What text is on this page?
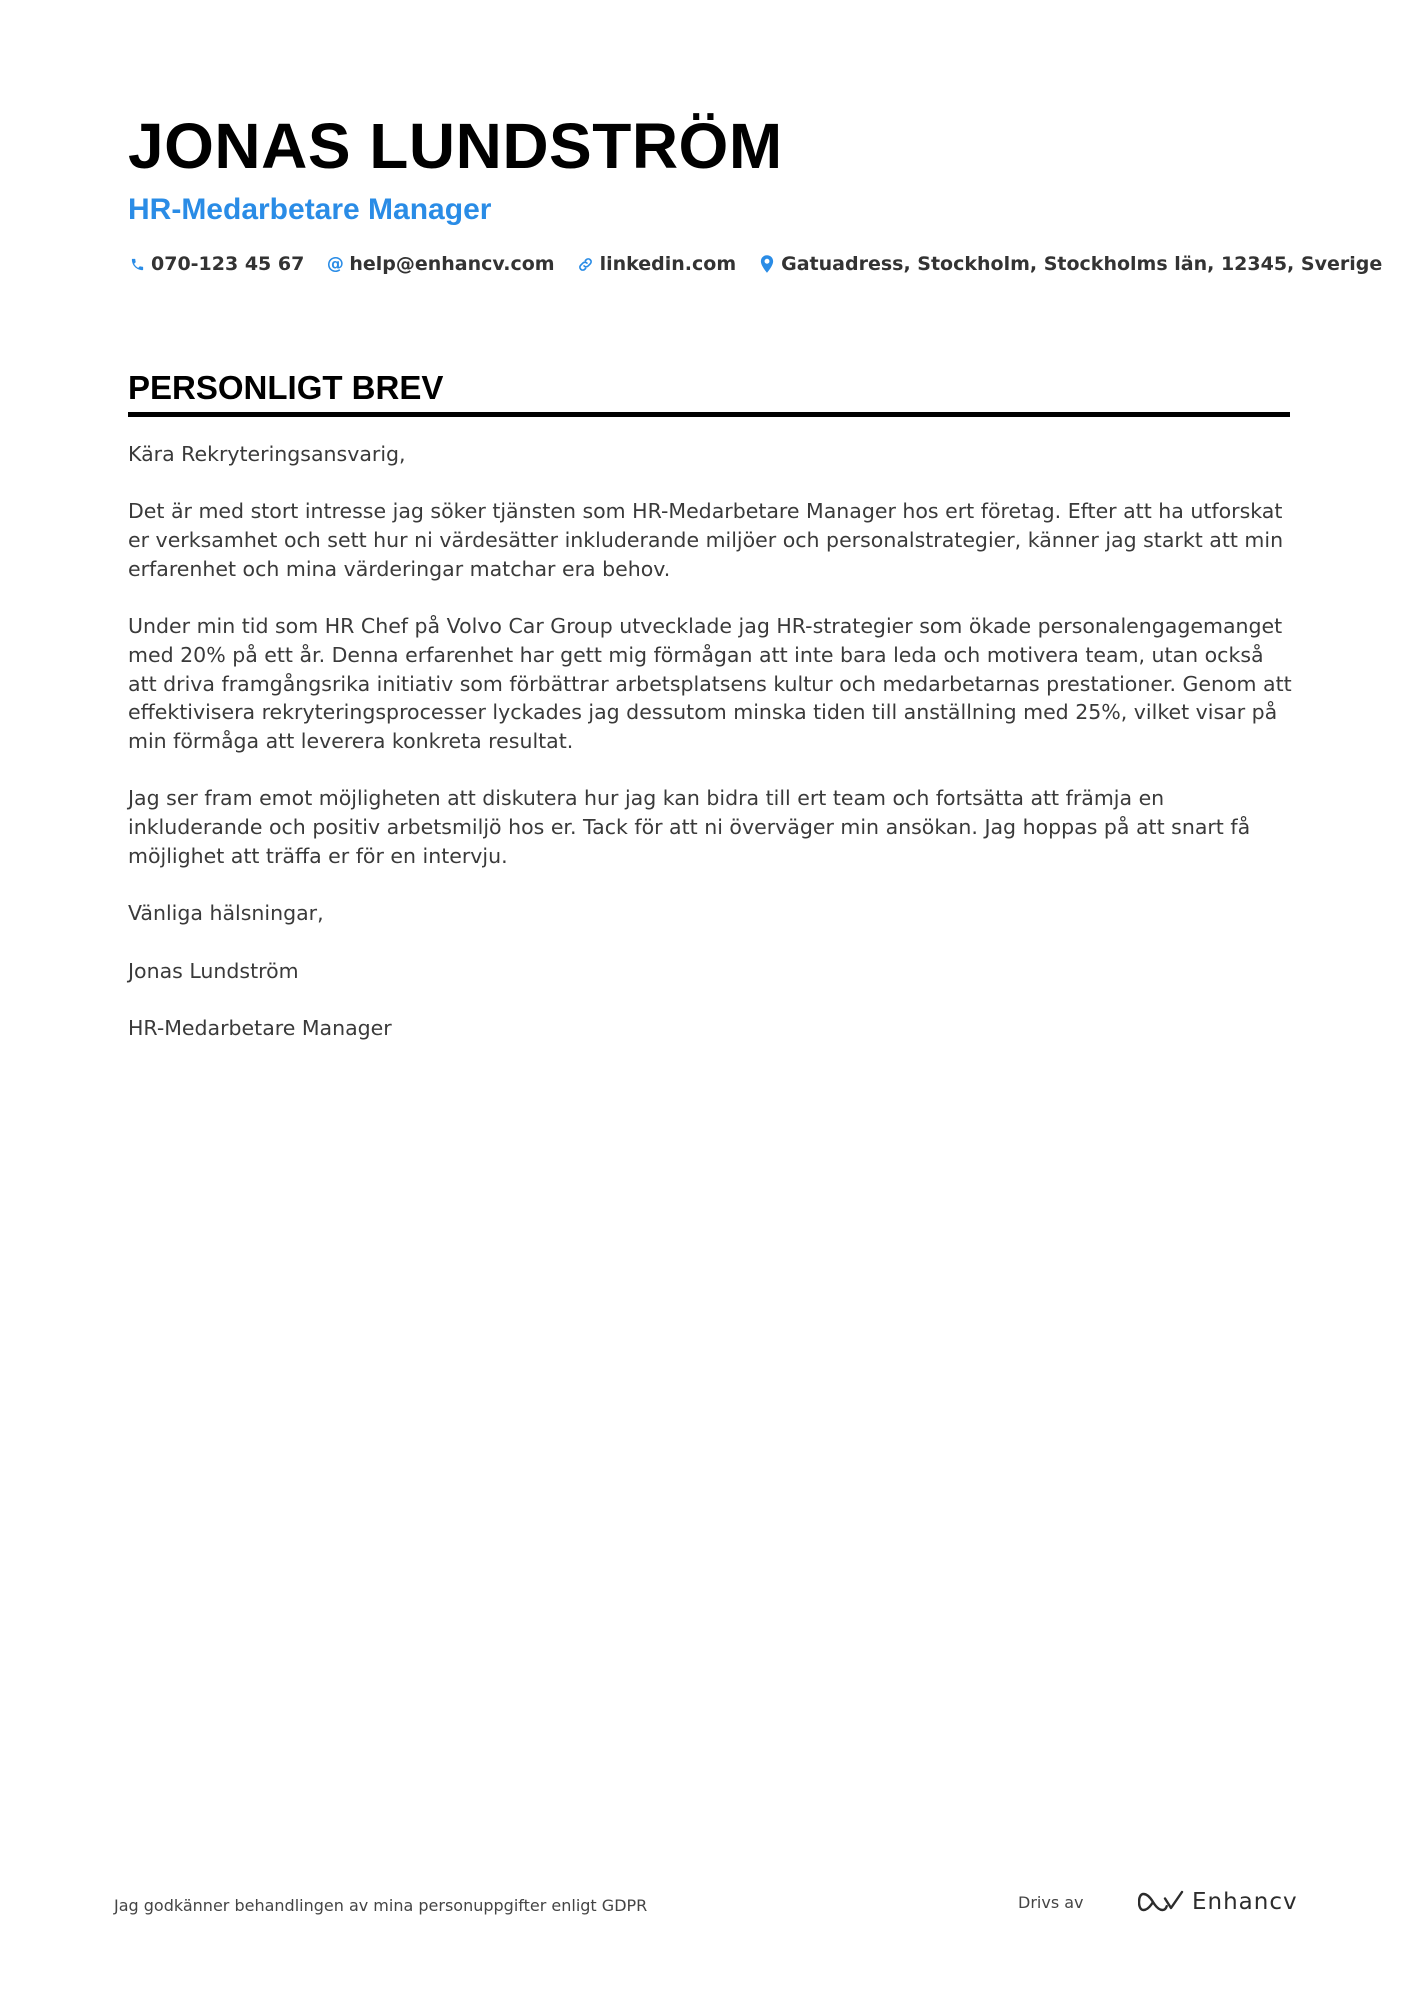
JONAS LUNDSTRÖM
HR-Medarbetare Manager
070-123 45 67 @ help@enhancv.com linkedin.com Gatuadress, Stockholm, Stockholms län, 12345, Sverige
PERSONLIGT BREV

Kära Rekryteringsansvarig,

Det är med stort intresse jag söker tjänsten som HR-Medarbetare Manager hos ert företag. Efter att ha utforskat er verksamhet och sett hur ni värdesätter inkluderande miljöer och personalstrategier, känner jag starkt att min erfarenhet och mina värderingar matchar era behov.

Under min tid som HR Chef på Volvo Car Group utvecklade jag HR-strategier som ökade personalengagemanget med 20% på ett år. Denna erfarenhet har gett mig förmågan att inte bara leda och motivera team, utan också att driva framgångsrika initiativ som förbättrar arbetsplatsens kultur och medarbetarnas prestationer. Genom att effektivisera rekryteringsprocesser lyckades jag dessutom minska tiden till anställning med 25%, vilket visar på min förmåga att leverera konkreta resultat.

Jag ser fram emot möjligheten att diskutera hur jag kan bidra till ert team och fortsätta att främja en inkluderande och positiv arbetsmiljö hos er. Tack för att ni överväger min ansökan. Jag hoppas på att snart få möjlighet att träffa er för en intervju.

Vänliga hälsningar,

Jonas Lundström

HR-Medarbetare Manager

Jag godkänner behandlingen av mina personuppgifter enligt GDPR	Drivs av	Enhancv
